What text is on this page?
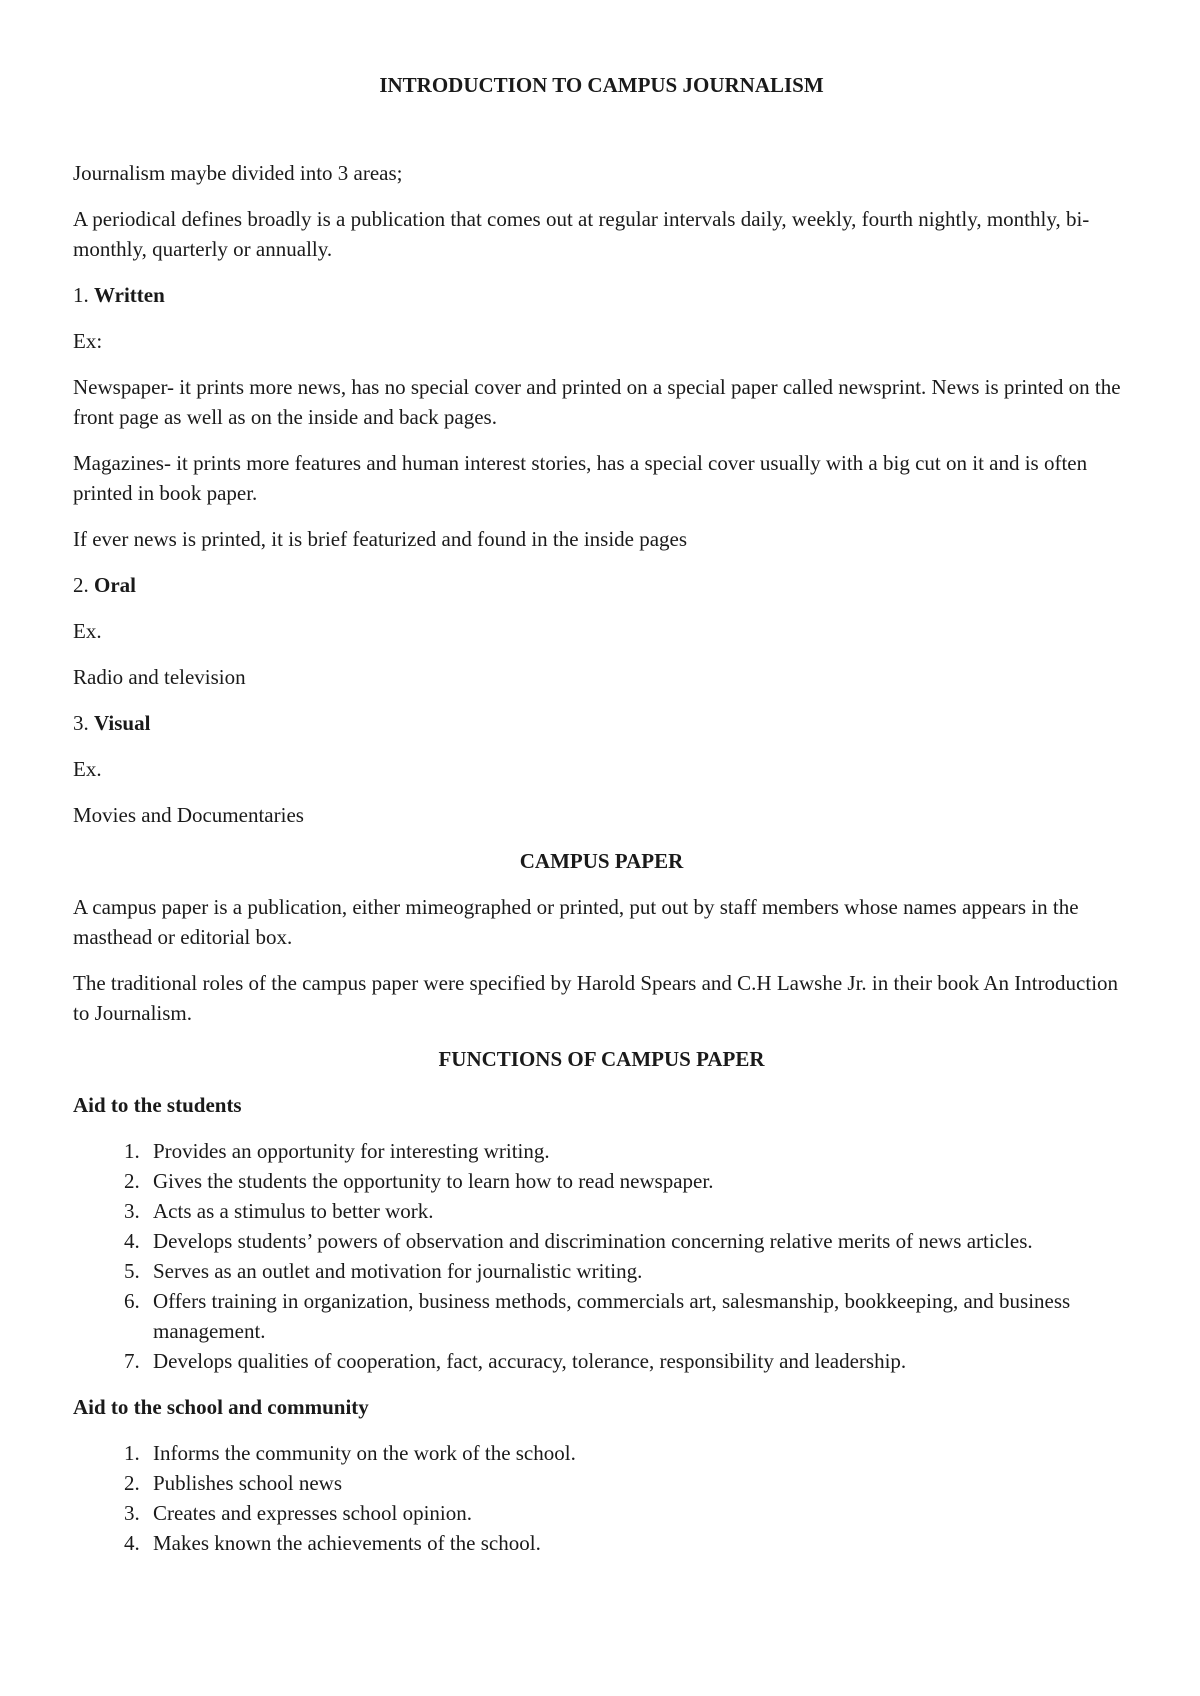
INTRODUCTION TO CAMPUS JOURNALISM

Journalism maybe divided into 3 areas;

A periodical defines broadly is a publication that comes out at regular intervals daily, weekly, fourth nightly, monthly, bi-monthly, quarterly or annually.

1. Written

Ex:

Newspaper- it prints more news, has no special cover and printed on a special paper called newsprint. News is printed on the front page as well as on the inside and back pages.

Magazines- it prints more features and human interest stories, has a special cover usually with a big cut on it and is often printed in book paper.

If ever news is printed, it is brief featurized and found in the inside pages

2. Oral

Ex.

Radio and television

3. Visual

Ex.

Movies and Documentaries

CAMPUS PAPER

A campus paper is a publication, either mimeographed or printed, put out by staff members whose names appears in the masthead or editorial box.

The traditional roles of the campus paper were specified by Harold Spears and C.H Lawshe Jr. in their book An Introduction to Journalism.

FUNCTIONS OF CAMPUS PAPER
Aid to the students
1. Provides an opportunity for interesting writing.
2. Gives the students the opportunity to learn how to read newspaper.
3. Acts as a stimulus to better work.
4. Develops students’ powers of observation and discrimination concerning relative merits of news articles.
5. Serves as an outlet and motivation for journalistic writing.
6. Offers training in organization, business methods, commercials art, salesmanship, bookkeeping, and business management.
7. Develops qualities of cooperation, fact, accuracy, tolerance, responsibility and leadership.
Aid to the school and community
1. Informs the community on the work of the school.
2. Publishes school news
3. Creates and expresses school opinion.
4. Makes known the achievements of the school.
